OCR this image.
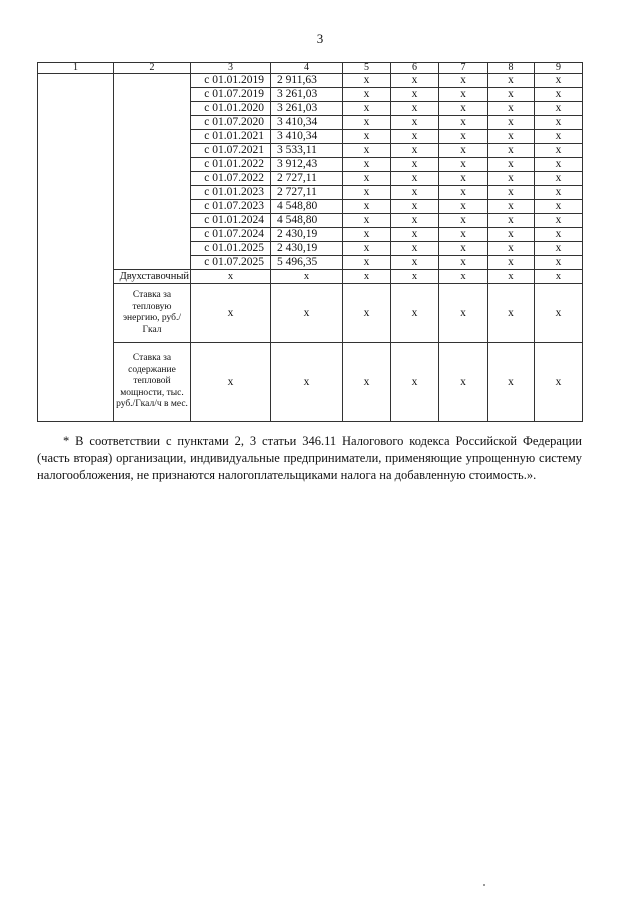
3
1	2	3	4	5	6	7	8	9
		с 01.01.2019	2 911,63	x	x	x	x	x
		с 01.07.2019	3 261,03	x	x	x	x	x
		с 01.01.2020	3 261,03	x	x	x	x	x
		с 01.07.2020	3 410,34	x	x	x	x	x
		с 01.01.2021	3 410,34	x	x	x	x	x
		с 01.07.2021	3 533,11	x	x	x	x	x
		с 01.01.2022	3 912,43	x	x	x	x	x
		с 01.07.2022	2 727,11	x	x	x	x	x
		с 01.01.2023	2 727,11	x	x	x	x	x
		с 01.07.2023	4 548,80	x	x	x	x	x
		с 01.01.2024	4 548,80	x	x	x	x	x
		с 01.07.2024	2 430,19	x	x	x	x	x
		с 01.01.2025	2 430,19	x	x	x	x	x
		с 01.07.2025	5 496,35	x	x	x	x	x
	Двухставочный	x	x	x	x	x	x	x
	Ставка за тепловую энергию, руб./Гкал	x	x	x	x	x	x	x
	Ставка за содержание тепловой мощности, тыс. руб./Гкал/ч в мес.	x	x	x	x	x	x	x

* В соответствии с пунктами 2, 3 статьи 346.11 Налогового кодекса Российской Федерации (часть вторая) организации, индивидуальные предприниматели, применяющие упрощенную систему налогообложения, не признаются налогоплательщиками налога на добавленную стоимость.».
